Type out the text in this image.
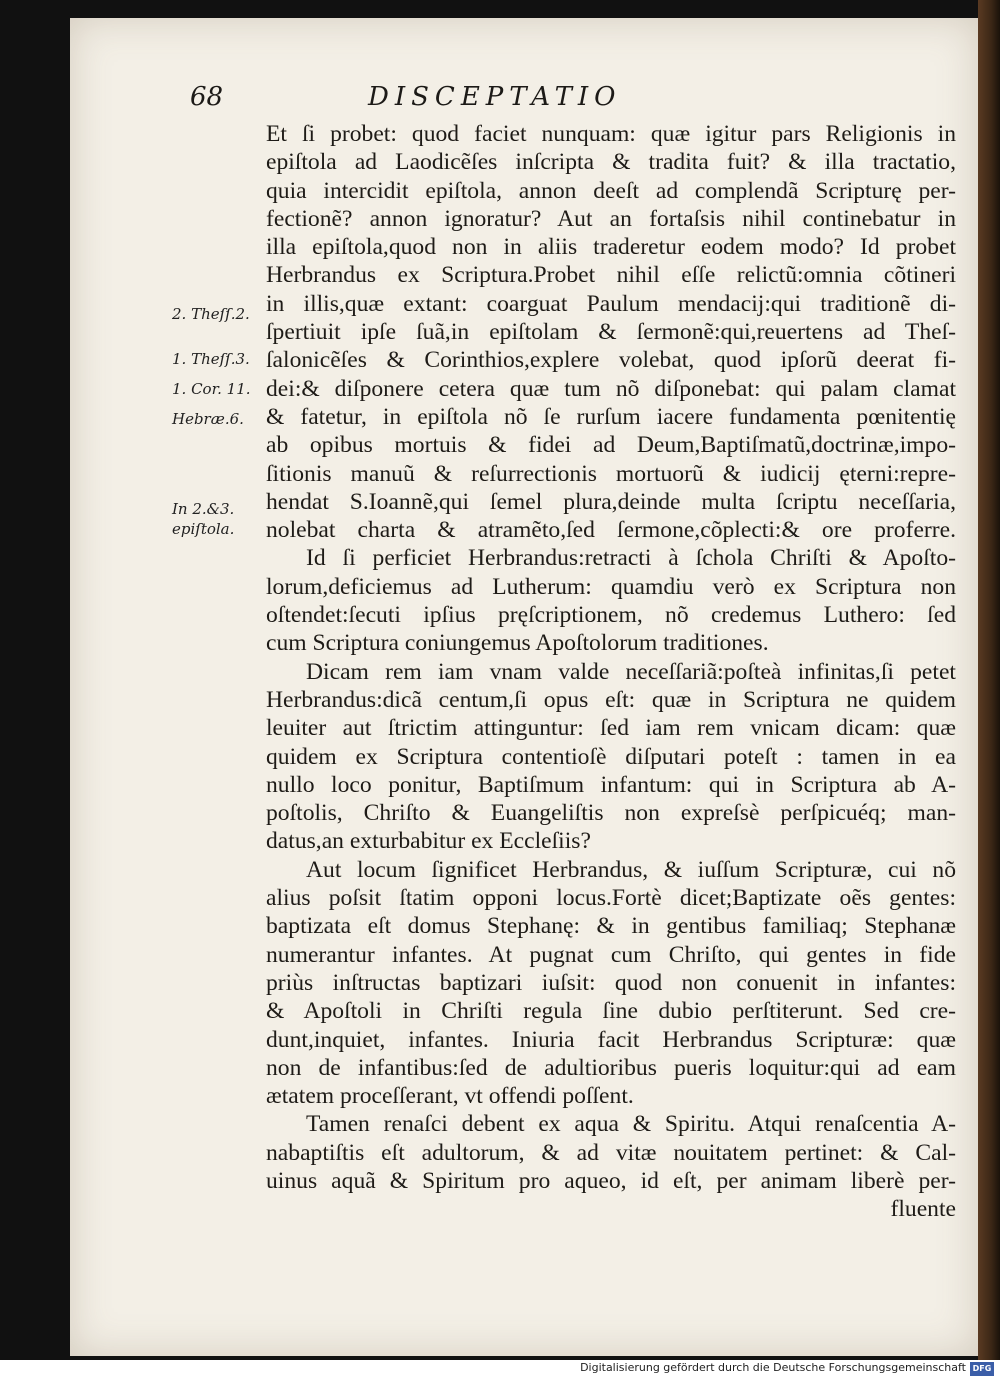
68	DISCEPTATIO
2. Theſſ.2.
1. Theſſ.3.
1. Cor. 11.
Hebræ.6.
In 2.&3.
epiſtola.
Et ſi probet: quod faciet nunquam: quæ igitur pars Religionis in
epiſtola ad Laodicẽſes inſcripta & tradita fuit? & illa tractatio,
quia intercidit epiſtola, annon deeſt ad complendã Scripturę per-
fectionẽ? annon ignoratur? Aut an fortaſsis nihil continebatur in
illa epiſtola,quod non in aliis traderetur eodem modo? Id probet
Herbrandus ex Scriptura.Probet nihil eſſe relictũ:omnia cõtineri
in illis,quæ extant: coarguat Paulum mendacij:qui traditionẽ di-
ſpertiuit ipſe ſuã,in epiſtolam & ſermonẽ:qui,reuertens ad Theſ-
ſalonicẽſes & Corinthios,explere volebat, quod ipſorũ deerat fi-
dei:& diſponere cetera quæ tum nõ diſponebat: qui palam clamat
& fatetur, in epiſtola nõ ſe rurſum iacere fundamenta pœnitentię
ab opibus mortuis & fidei ad Deum,Baptiſmatũ,doctrinæ,impo-
ſitionis manuũ & reſurrectionis mortuorũ & iudicij ęterni:repre-
hendat S.Ioannẽ,qui ſemel plura,deinde multa ſcriptu neceſſaria,
nolebat charta & atramẽto,ſed ſermone,cõplecti:& ore proferre.
Id ſi perficiet Herbrandus:retracti à ſchola Chriſti & Apoſto-
lorum,deficiemus ad Lutherum: quamdiu verò ex Scriptura non
oſtendet:ſecuti ipſius pręſcriptionem, nõ credemus Luthero: ſed
cum Scriptura coniungemus Apoſtolorum traditiones.
Dicam rem iam vnam valde neceſſariã:poſteà infinitas,ſi petet
Herbrandus:dicã centum,ſi opus eſt: quæ in Scriptura ne quidem
leuiter aut ſtrictim attinguntur: ſed iam rem vnicam dicam: quæ
quidem ex Scriptura contentioſè diſputari poteſt : tamen in ea
nullo loco ponitur, Baptiſmum infantum: qui in Scriptura ab A-
poſtolis, Chriſto & Euangeliſtis non expreſsè perſpicuéq; man-
datus,an exturbabitur ex Eccleſiis?
Aut locum ſignificet Herbrandus, & iuſſum Scripturæ, cui nõ
alius poſsit ſtatim opponi locus.Fortè dicet;Baptizate oẽs gentes:
baptizata eſt domus Stephanę: & in gentibus familiaq; Stephanæ
numerantur infantes. At pugnat cum Chriſto, qui gentes in fide
priùs inſtructas baptizari iuſsit: quod non conuenit in infantes:
& Apoſtoli in Chriſti regula ſine dubio perſtiterunt. Sed cre-
dunt,inquiet, infantes. Iniuria facit Herbrandus Scripturæ: quæ
non de infantibus:ſed de adultioribus pueris loquitur:qui ad eam
ætatem proceſſerant, vt offendi poſſent.
Tamen renaſci debent ex aqua & Spiritu. Atqui renaſcentia A-
nabaptiſtis eſt adultorum, & ad vitæ nouitatem pertinet: & Cal-
uinus aquã & Spiritum pro aqueo, id eſt, per animam liberè per-
fluente
Digitalisierung gefördert durch die Deutsche Forschungsgemeinschaft DFG
